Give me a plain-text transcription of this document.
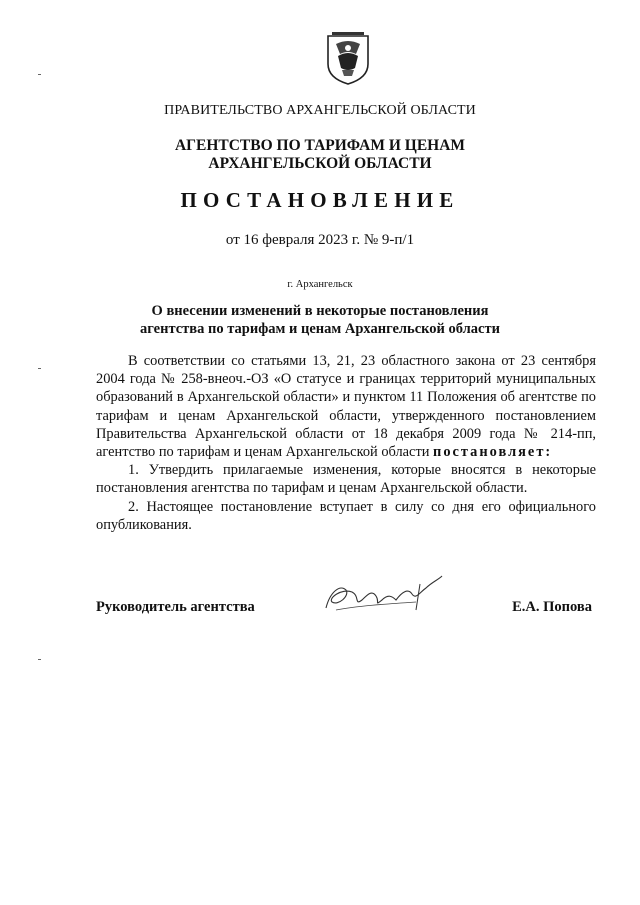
ПРАВИТЕЛЬСТВО АРХАНГЕЛЬСКОЙ ОБЛАСТИ
АГЕНТСТВО ПО ТАРИФАМ И ЦЕНАМ
АРХАНГЕЛЬСКОЙ ОБЛАСТИ
ПОСТАНОВЛЕНИЕ
от 16 февраля 2023 г. № 9-п/1
г. Архангельск
О внесении изменений в некоторые постановления
агентства по тарифам и ценам Архангельской области

В соответствии со статьями 13, 21, 23 областного закона от 23 сентября 2004 года № 258-внеоч.-ОЗ «О статусе и границах территорий муниципальных образований в Архангельской области» и пунктом 11 Положения об агентстве по тарифам и ценам Архангельской области, утвержденного постановлением Правительства Архангельской области от 18 декабря 2009 года № 214-пп, агентство по тарифам и ценам Архангельской области постановляет:

1. Утвердить прилагаемые изменения, которые вносятся в некоторые постановления агентства по тарифам и ценам Архангельской области.

2. Настоящее постановление вступает в силу со дня его официального опубликования.

Руководитель агентства	Е.А. Попова
